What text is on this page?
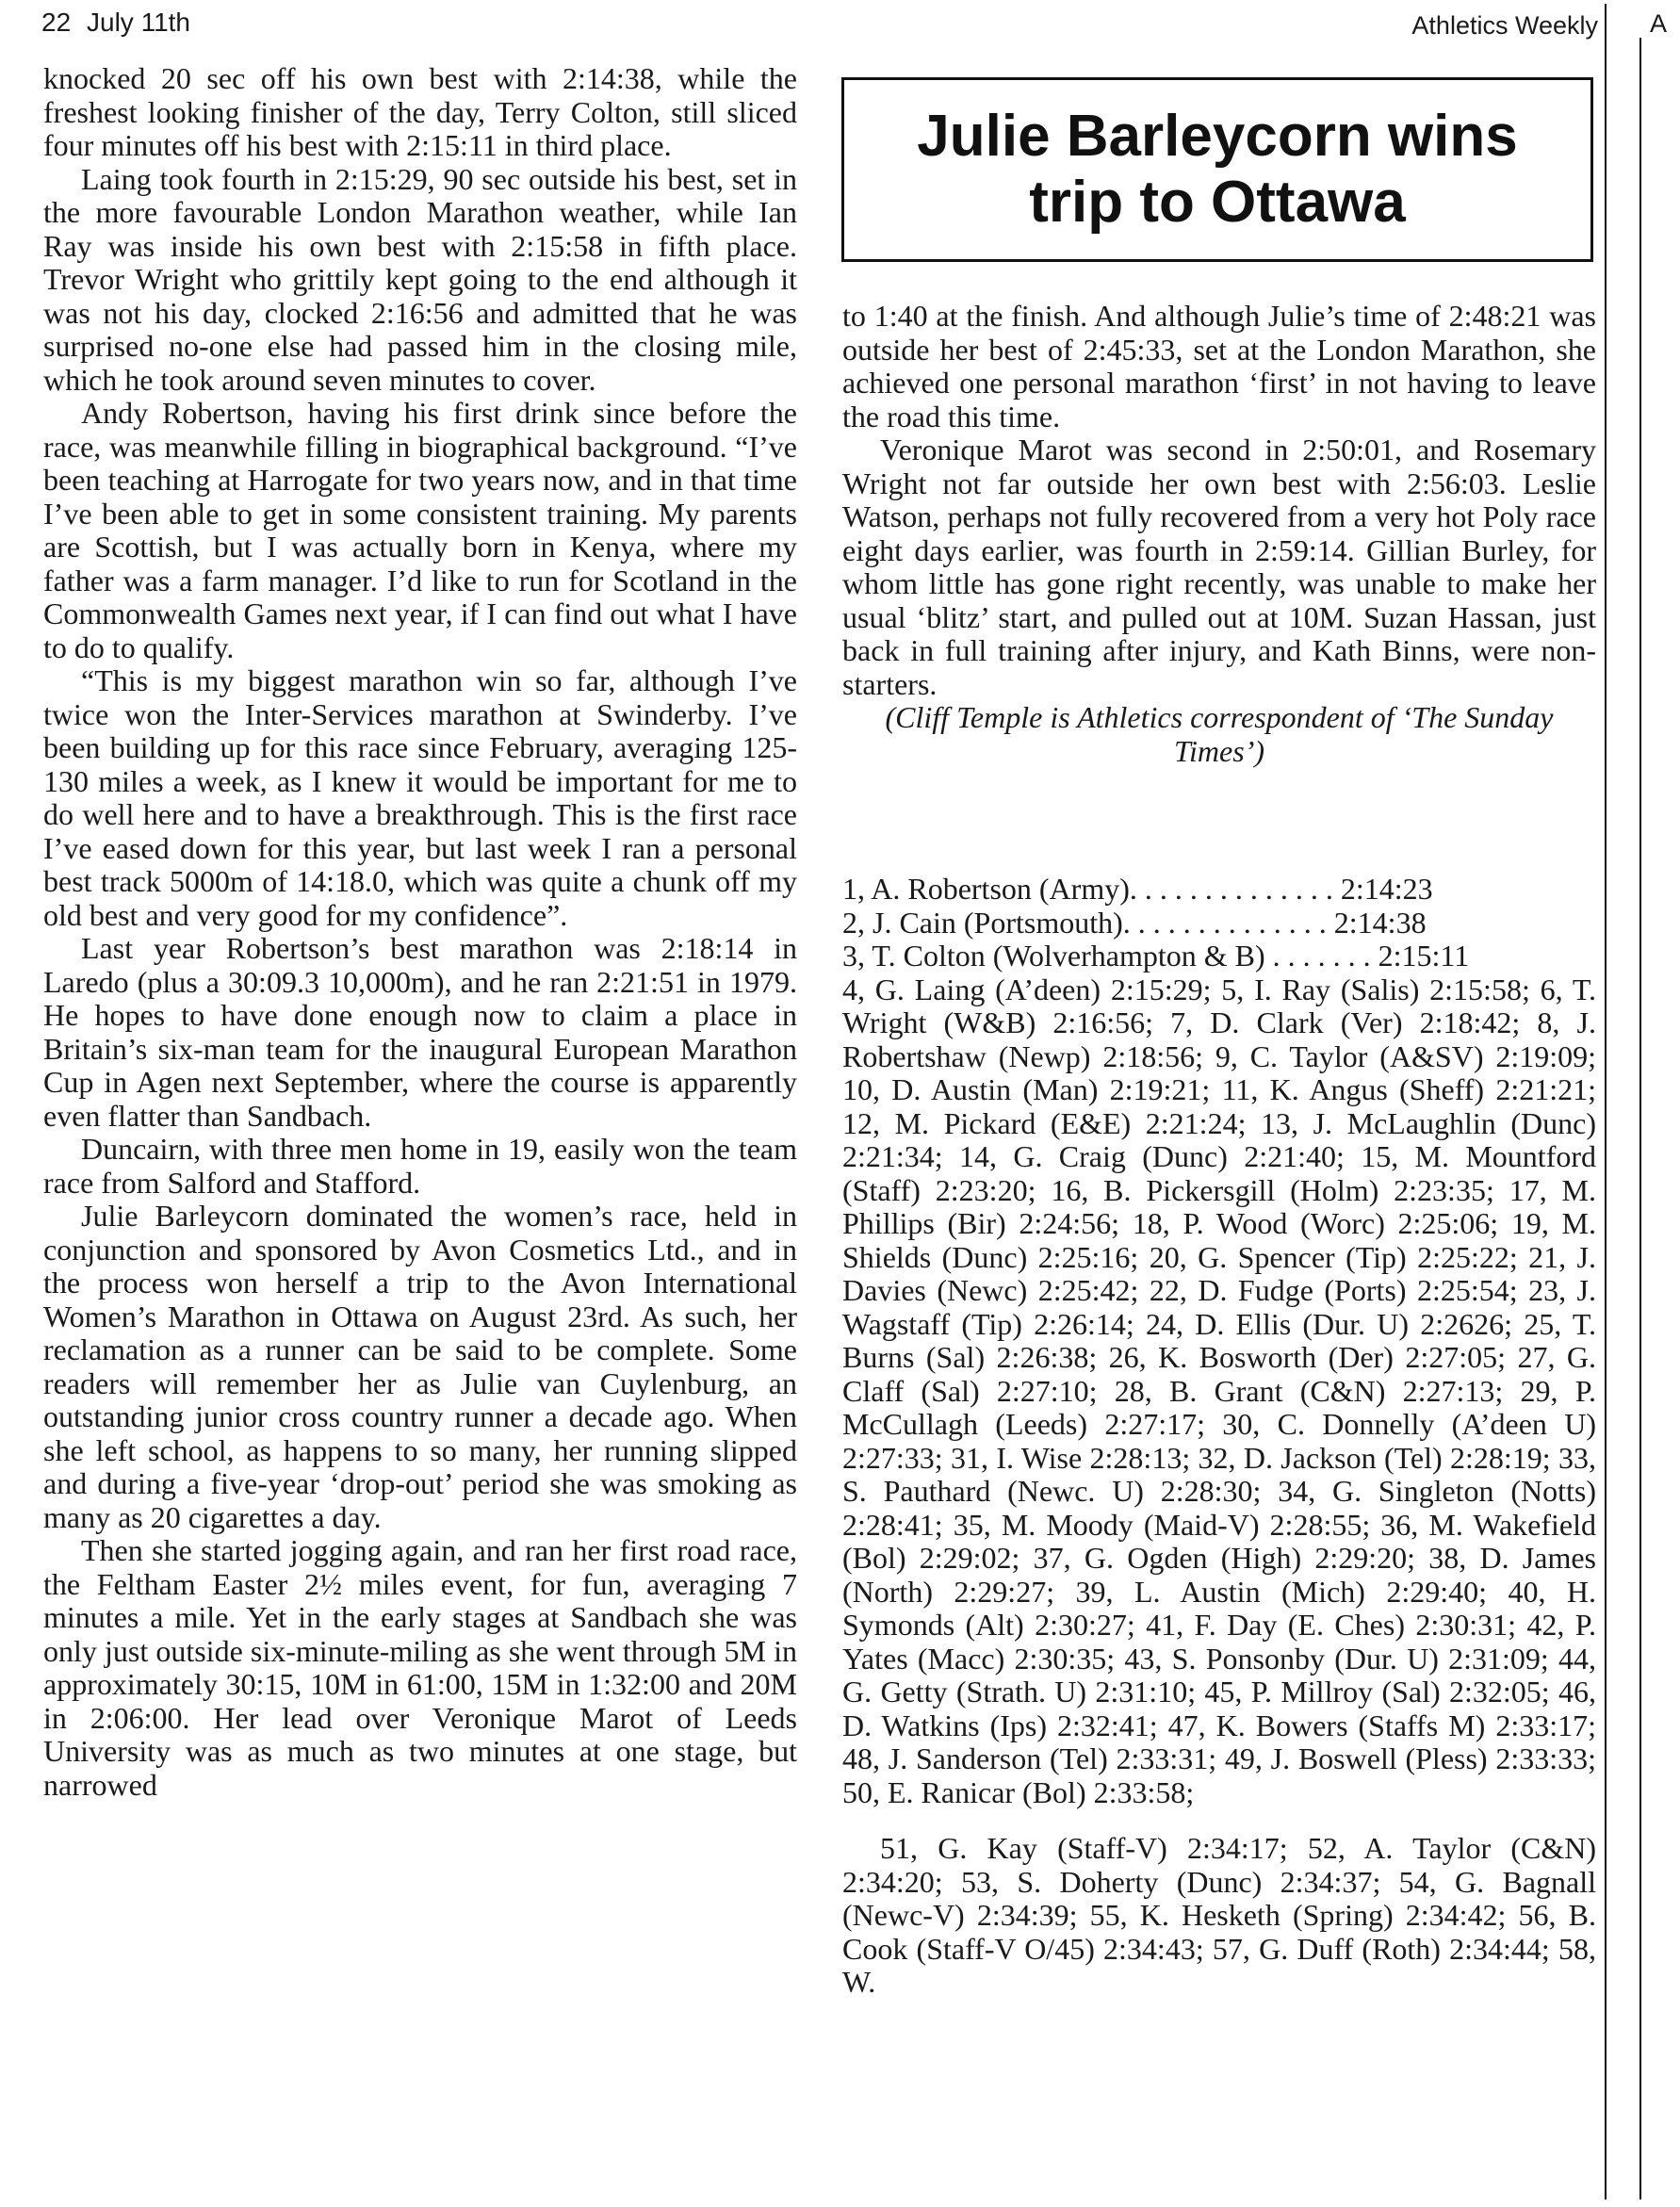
22 July 11th	Athletics Weekly A

knocked 20 sec off his own best with 2:14:38, while the freshest looking finisher of the day, Terry Colton, still sliced four minutes off his best with 2:15:11 in third place.

Laing took fourth in 2:15:29, 90 sec outside his best, set in the more favourable London Marathon weather, while Ian Ray was inside his own best with 2:15:58 in fifth place. Trevor Wright who grittily kept going to the end although it was not his day, clocked 2:16:56 and admitted that he was surprised no-one else had passed him in the closing mile, which he took around seven minutes to cover.

Andy Robertson, having his first drink since before the race, was meanwhile filling in biographical background. “I’ve been teaching at Harrogate for two years now, and in that time I’ve been able to get in some consistent training. My parents are Scottish, but I was actually born in Kenya, where my father was a farm manager. I’d like to run for Scotland in the Commonwealth Games next year, if I can find out what I have to do to qualify.

“This is my biggest marathon win so far, although I’ve twice won the Inter-Services marathon at Swinderby. I’ve been building up for this race since February, averaging 125-130 miles a week, as I knew it would be important for me to do well here and to have a breakthrough. This is the first race I’ve eased down for this year, but last week I ran a personal best track 5000m of 14:18.0, which was quite a chunk off my old best and very good for my confidence”.

Last year Robertson’s best marathon was 2:18:14 in Laredo (plus a 30:09.3 10,000m), and he ran 2:21:51 in 1979. He hopes to have done enough now to claim a place in Britain’s six-man team for the inaugural European Marathon Cup in Agen next September, where the course is apparently even flatter than Sandbach.

Duncairn, with three men home in 19, easily won the team race from Salford and Stafford.

Julie Barleycorn dominated the women’s race, held in conjunction and sponsored by Avon Cosmetics Ltd., and in the process won herself a trip to the Avon International Women’s Marathon in Ottawa on August 23rd. As such, her reclamation as a runner can be said to be complete. Some readers will remember her as Julie van Cuylenburg, an outstanding junior cross country runner a decade ago. When she left school, as happens to so many, her running slipped and during a five-year ‘drop-out’ period she was smoking as many as 20 cigarettes a day.

Then she started jogging again, and ran her first road race, the Feltham Easter 2½ miles event, for fun, averaging 7 minutes a mile. Yet in the early stages at Sandbach she was only just outside six-minute-miling as she went through 5M in approximately 30:15, 10M in 61:00, 15M in 1:32:00 and 20M in 2:06:00. Her lead over Veronique Marot of Leeds University was as much as two minutes at one stage, but narrowed

Julie Barleycorn wins
trip to Ottawa

to 1:40 at the finish. And although Julie’s time of 2:48:21 was outside her best of 2:45:33, set at the London Marathon, she achieved one personal marathon ‘first’ in not having to leave the road this time.

Veronique Marot was second in 2:50:01, and Rosemary Wright not far outside her own best with 2:56:03. Leslie Watson, perhaps not fully recovered from a very hot Poly race eight days earlier, was fourth in 2:59:14. Gillian Burley, for whom little has gone right recently, was unable to make her usual ‘blitz’ start, and pulled out at 10M. Suzan Hassan, just back in full training after injury, and Kath Binns, were non-starters.

(Cliff Temple is Athletics correspondent of ‘The Sunday Times’)

1, A. Robertson (Army). . . . . . . . . . . . . . 2:14:23

2, J. Cain (Portsmouth). . . . . . . . . . . . . . 2:14:38

3, T. Colton (Wolverhampton & B) . . . . . . . 2:15:11

4, G. Laing (A’deen) 2:15:29; 5, I. Ray (Salis) 2:15:58; 6, T. Wright (W&B) 2:16:56; 7, D. Clark (Ver) 2:18:42; 8, J. Robertshaw (Newp) 2:18:56; 9, C. Taylor (A&SV) 2:19:09; 10, D. Austin (Man) 2:19:21; 11, K. Angus (Sheff) 2:21:21; 12, M. Pickard (E&E) 2:21:24; 13, J. McLaughlin (Dunc) 2:21:34; 14, G. Craig (Dunc) 2:21:40; 15, M. Mountford (Staff) 2:23:20; 16, B. Pickersgill (Holm) 2:23:35; 17, M. Phillips (Bir) 2:24:56; 18, P. Wood (Worc) 2:25:06; 19, M. Shields (Dunc) 2:25:16; 20, G. Spencer (Tip) 2:25:22; 21, J. Davies (Newc) 2:25:42; 22, D. Fudge (Ports) 2:25:54; 23, J. Wagstaff (Tip) 2:26:14; 24, D. Ellis (Dur. U) 2:2626; 25, T. Burns (Sal) 2:26:38; 26, K. Bosworth (Der) 2:27:05; 27, G. Claff (Sal) 2:27:10; 28, B. Grant (C&N) 2:27:13; 29, P. McCullagh (Leeds) 2:27:17; 30, C. Donnelly (A’deen U) 2:27:33; 31, I. Wise 2:28:13; 32, D. Jackson (Tel) 2:28:19; 33, S. Pauthard (Newc. U) 2:28:30; 34, G. Singleton (Notts) 2:28:41; 35, M. Moody (Maid-V) 2:28:55; 36, M. Wakefield (Bol) 2:29:02; 37, G. Ogden (High) 2:29:20; 38, D. James (North) 2:29:27; 39, L. Austin (Mich) 2:29:40; 40, H. Symonds (Alt) 2:30:27; 41, F. Day (E. Ches) 2:30:31; 42, P. Yates (Macc) 2:30:35; 43, S. Ponsonby (Dur. U) 2:31:09; 44, G. Getty (Strath. U) 2:31:10; 45, P. Millroy (Sal) 2:32:05; 46, D. Watkins (Ips) 2:32:41; 47, K. Bowers (Staffs M) 2:33:17; 48, J. Sanderson (Tel) 2:33:31; 49, J. Boswell (Pless) 2:33:33; 50, E. Ranicar (Bol) 2:33:58;

51, G. Kay (Staff-V) 2:34:17; 52, A. Taylor (C&N) 2:34:20; 53, S. Doherty (Dunc) 2:34:37; 54, G. Bagnall (Newc-V) 2:34:39; 55, K. Hesketh (Spring) 2:34:42; 56, B. Cook (Staff-V O/45) 2:34:43; 57, G. Duff (Roth) 2:34:44; 58, W.
